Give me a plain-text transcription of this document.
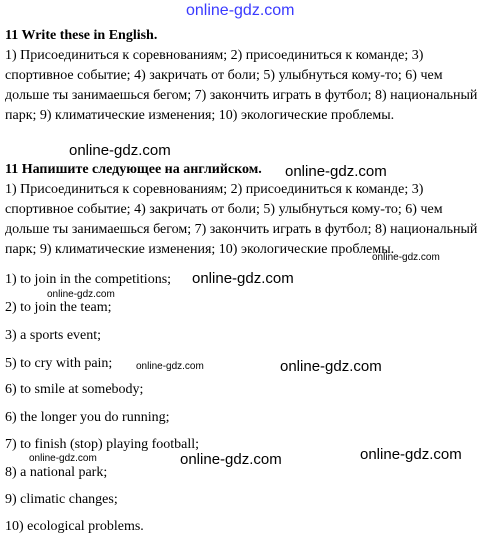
online-gdz.com
11 Write these in English.
1) Присоединиться к соревнованиям; 2) присоединиться к команде; 3) спортивное событие; 4) закричать от боли; 5) улыбнуться кому-то; 6) чем дольше ты занимаешься бегом; 7) закончить играть в футбол; 8) национальный парк; 9) климатические изменения; 10) экологические проблемы.
11 Напишите следующее на английском.
1) Присоединиться к соревнованиям; 2) присоединиться к команде; 3) спортивное событие; 4) закричать от боли; 5) улыбнуться кому-то; 6) чем дольше ты занимаешься бегом; 7) закончить играть в футбол; 8) национальный парк; 9) климатические изменения; 10) экологические проблемы.
1) to join in the competitions;
2) to join the team;
3) a sports event;
5) to cry with pain;
6) to smile at somebody;
6) the longer you do running;
7) to finish (stop) playing football;
8) a national park;
9) climatic changes;
10) ecological problems.
online-gdz.com
online-gdz.com
online-gdz.com
online-gdz.com
online-gdz.com
online-gdz.com	online-gdz.com
online-gdz.com	online-gdz.com	online-gdz.com
